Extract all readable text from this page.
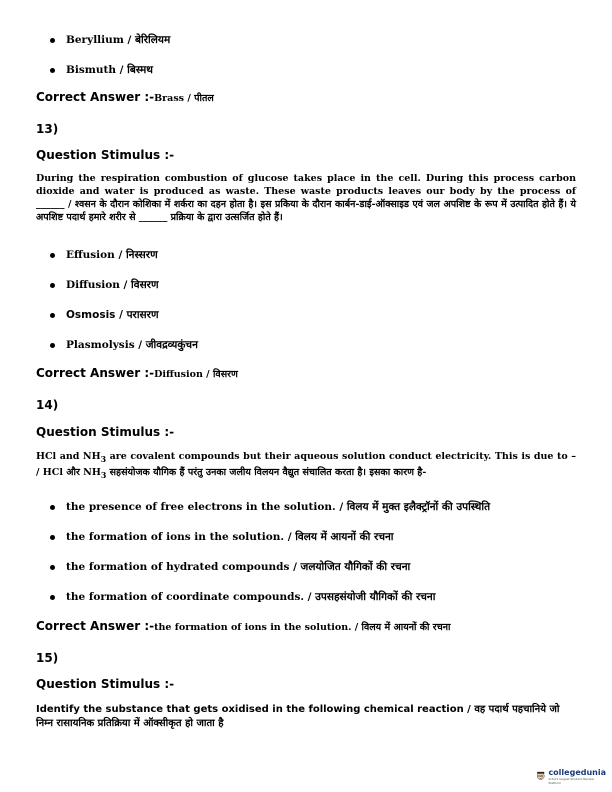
Beryllium / बेरिलियम
Bismuth / बिस्मथ
Correct Answer :-Brass / पीतल
13)
Question Stimulus :-
During the respiration combustion of glucose takes place in the cell. During this process carbon dioxide and water is produced as waste. These waste products leaves our body by the process of ______ / श्वसन के दौरान कोशिका में शर्करा का दहन होता है। इस प्रकिया के दौरान कार्बन-डाई-ऑक्साइड एवं जल अपशिष्ट के रूप में उत्पादित होते हैं। ये अपशिष्ट पदार्थ हमारे शरीर से ______ प्रक्रिया के द्वारा उत्सर्जित होते हैं।
Effusion / निस्सरण
Diffusion / विसरण
Osmosis / परासरण
Plasmolysis / जीवद्रव्यकुंचन
Correct Answer :-Diffusion / विसरण
14)
Question Stimulus :-
HCl and $NH_3$ are covalent compounds but their aqueous solution conduct electricity. This is due to – / HCl और $NH_3$ सहसंयोजक यौगिक हैं परंतु उनका जलीय विलयन वैद्युत संचालित करता है। इसका कारण है-
the presence of free electrons in the solution. / विलय में मुक्त इलैक्ट्रॉनों की उपस्थिति
the formation of ions in the solution. / विलय में आयनों की रचना
the formation of hydrated compounds / जलयोजित यौगिकों की रचना
the formation of coordinate compounds. / उपसहसंयोजी यौगिकों की रचना
Correct Answer :-the formation of ions in the solution. / विलय में आयनों की रचना
15)
Question Stimulus :-
Identify the substance that gets oxidised in the following chemical reaction / वह पदार्थ पहचानिये जो निम्न रासायनिक प्रतिक्रिया में ऑक्सीकृत हो जाता है
collegedunia
India's largest Student Review Platform
